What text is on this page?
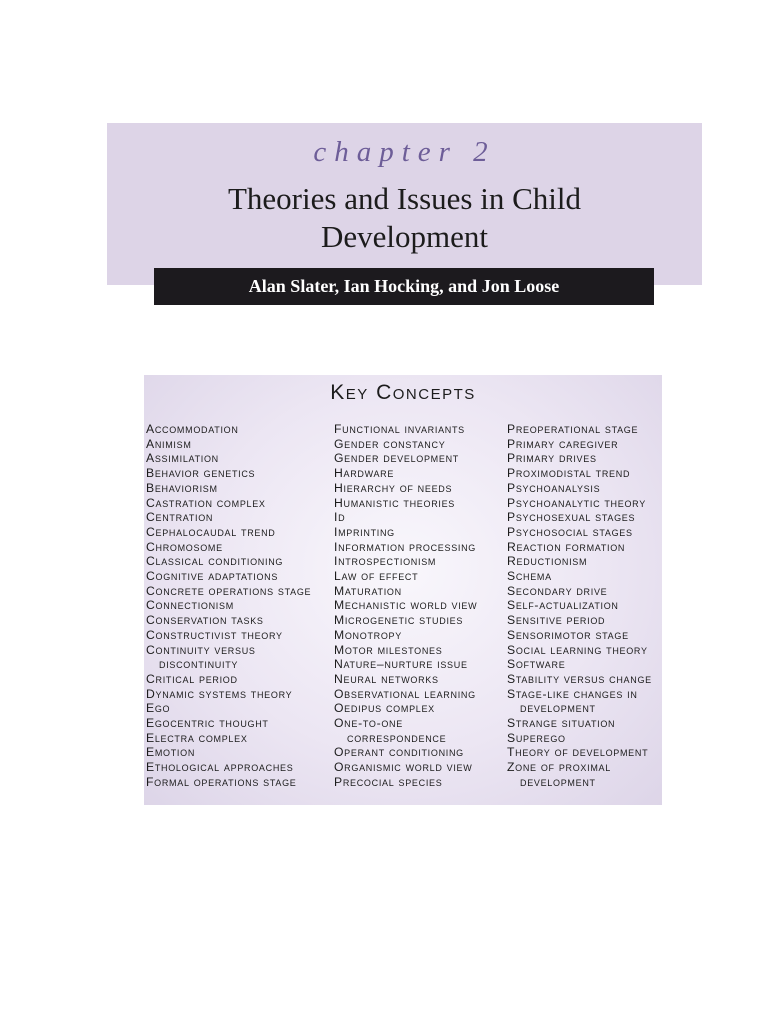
chapter 2
Theories and Issues in Child
Development
Alan Slater, Ian Hocking, and Jon Loose
Key Concepts
Accommodation
Animism
Assimilation
Behavior genetics
Behaviorism
Castration complex
Centration
Cephalocaudal trend
Chromosome
Classical conditioning
Cognitive adaptations
Concrete operations stage
Connectionism
Conservation tasks
Constructivist theory
Continuity versus
discontinuity
Critical period
Dynamic systems theory
Ego
Egocentric thought
Electra complex
Emotion
Ethological approaches
Formal operations stage
Functional invariants
Gender constancy
Gender development
Hardware
Hierarchy of needs
Humanistic theories
Id
Imprinting
Information processing
Introspectionism
Law of effect
Maturation
Mechanistic world view
Microgenetic studies
Monotropy
Motor milestones
Nature–nurture issue
Neural networks
Observational learning
Oedipus complex
One-to-one
correspondence
Operant conditioning
Organismic world view
Precocial species
Preoperational stage
Primary caregiver
Primary drives
Proximodistal trend
Psychoanalysis
Psychoanalytic theory
Psychosexual stages
Psychosocial stages
Reaction formation
Reductionism
Schema
Secondary drive
Self-actualization
Sensitive period
Sensorimotor stage
Social learning theory
Software
Stability versus change
Stage-like changes in
development
Strange situation
Superego
Theory of development
Zone of proximal
development
